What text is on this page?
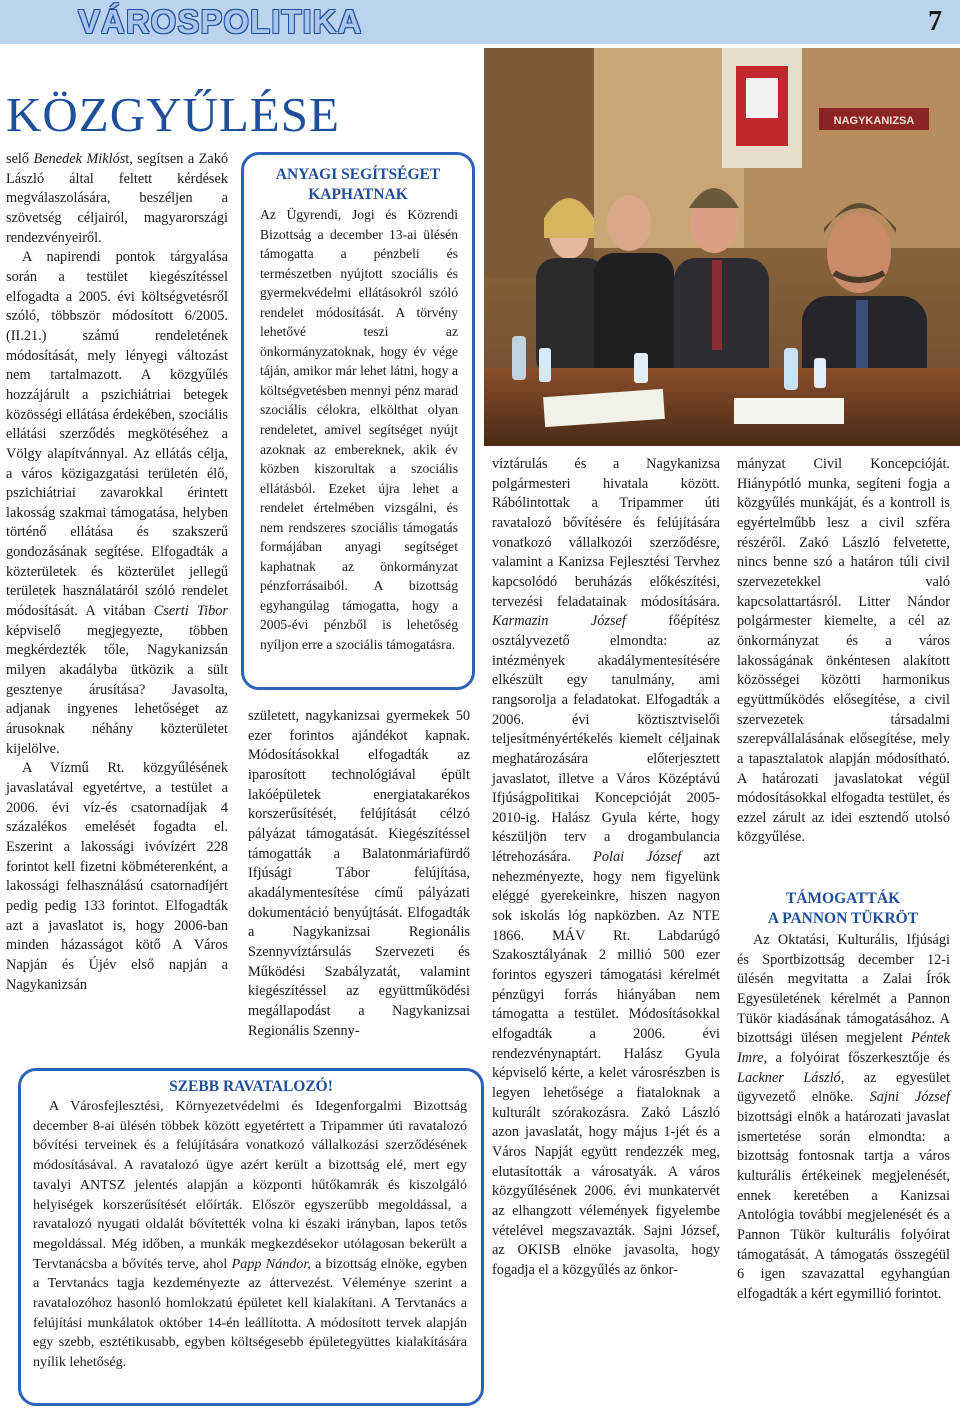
VÁROSPOLITIKA	7
KÖZGYŰLÉSE	NAGYKANIZSA

selő Benedek Miklóst, segítsen a Zakó László által feltett kérdések megválaszolására, beszéljen a szövetség céljairól, magyarországi rendezvényeiről.

A napirendi pontok tárgyalása során a testület kiegészítéssel elfogadta a 2005. évi költségvetésről szóló, többször módosított 6/2005. (II.21.) számú rendeletének módosítását, mely lényegi változást nem tartalmazott. A közgyűlés hozzájárult a pszichiátriai betegek közösségi ellátása érdekében, szociális ellátási szerződés megkötéséhez a Völgy alapítvánnyal. Az ellátás célja, a város közigazgatási területén élő, pszichiátriai zavarokkal érintett lakosság szakmai támogatása, helyben történő ellátása és szakszerű gondozásának segítése. Elfogadták a közterületek és közterület jellegű területek használatáról szóló rendelet módosítását. A vitában Cserti Tibor képviselő megjegyezte, többen megkérdezték tőle, Nagykanizsán milyen akadályba ütközik a sült gesztenye árusítása? Javasolta, adjanak ingyenes lehetőséget az árusoknak néhány közterületet kijelölve.

A Vízmű Rt. közgyűlésének javaslatával egyetértve, a testület a 2006. évi víz-és csatornadíjak 4 százalékos emelését fogadta el. Eszerint a lakossági ivóvízért 228 forintot kell fizetni köbméterenként, a lakossági felhasználású csatornadíjért pedig pedig 133 forintot. Elfogadták azt a javaslatot is, hogy 2006-ban minden házasságot kötő A Város Napján és Újév első napján a Nagykanizsán

ANYAGI SEGÍTSÉGET
KAPHATNAK
Az Ügyrendi, Jogi és Közrendi Bizottság a december 13-ai ülésén támogatta a pénzbeli és természetben nyújtott szociális és gyermekvédelmi ellátásokról szóló rendelet módosítását. A törvény lehetővé teszi az önkormányzatoknak, hogy év vége táján, amikor már lehet látni, hogy a költségvetésben mennyi pénz marad szociális célokra, elkölthat olyan rendeletet, amivel segítséget nyújt azoknak az embereknek, akik év közben kiszorultak a szociális ellátásból. Ezeket újra lehet a rendelet értelmében vizsgálni, és nem rendszeres szociális támogatás formájában anyagi segítséget kaphatnak az önkormányzat pénzforrásaiból. A bizottság egyhangúlag támogatta, hogy a 2005-évi pénzből is lehetőség nyíljon erre a szociális támogatásra.

született, nagykanizsai gyermekek 50 ezer forintos ajándékot kapnak. Módosításokkal elfogadták az iparosított technológiával épült lakóépületek energiatakarékos korszerűsítését, felújítását célzó pályázat támogatását. Kiegészítéssel támogatták a Balatonmáriafürdő Ifjúsági Tábor felújítása, akadálymentesítése című pályázati dokumentáció benyújtását. Elfogadták a Nagykanizsai Regionális Szennyvíztársulás Szervezeti és Működési Szabályzatát, valamint kiegészítéssel az együttműködési megállapodást a Nagykanizsai Regionális Szenny-

SZEBB RAVATALOZÓ!

A Városfejlesztési, Környezetvédelmi és Idegenforgalmi Bizottság december 8-ai ülésén többek között egyetértett a Tripammer úti ravatalozó bővítési terveinek és a felújítására vonatkozó vállalkozási szerződésének módosításával. A ravatalozó ügye azért került a bizottság elé, mert egy tavalyi ANTSZ jelentés alapján a központi hűtőkamrák és kiszolgáló helyiségek korszerűsítését előírták. Először egyszerűbb megoldással, a ravatalozó nyugati oldalát bővítették volna ki északi irányban, lapos tetős megoldással. Még időben, a munkák megkezdésekor utólagosan bekerült a Tervtanácsba a bővítés terve, ahol Papp Nándor, a bizottság elnöke, egyben a Tervtanács tagja kezdeményezte az áttervezést. Véleménye szerint a ravatalozóhoz hasonló homlokzatú épületet kell kialakítani. A Tervtanács a felújítási munkálatok október 14-én leállította. A módosított tervek alapján egy szebb, esztétikusabb, egyben költségesebb épületegyüttes kialakítására nyílik lehetőség.

víztárulás és a Nagykanizsa polgármesteri hivatala között. Rábólintottak a Tripammer úti ravatalozó bővítésére és felújítására vonatkozó vállalkozói szerződésre, valamint a Kanizsa Fejlesztési Tervhez kapcsolódó beruházás előkészítési, tervezési feladatainak módosítására. Karmazin József	főépítész osztályvezető elmondta: az intézmények akadálymentesítésére elkészült egy tanulmány, ami rangsorolja a feladatokat. Elfogadták a 2006. évi köztisztviselői teljesítményértékelés kiemelt céljainak meghatározására előterjesztett javaslatot, illetve a Város Középtávú Ifjúságpolitikai Koncepcióját 2005-2010-ig. Halász Gyula kérte, hogy készüljön terv a drogambulancia létrehozására. Polai József azt nehezményezte, hogy nem figyelünk eléggé gyerekeinkre, hiszen nagyon sok iskolás lóg napközben. Az NTE 1866. MÁV Rt. Labdarúgó Szakosztályának 2 millió 500 ezer forintos egyszeri támogatási kérelmét pénzügyi forrás hiányában nem támogatta a testület. Módosításokkal elfogadták a 2006. évi rendezvénynaptárt. Halász Gyula képviselő kérte, a kelet városrészben is legyen lehetősége a fiataloknak a kulturált szórakozásra. Zakó László azon javaslatát, hogy május 1-jét és a Város Napját együtt rendezzék meg, elutasították a városatyák. A város közgyűlésének 2006. évi munkatervét az elhangzott vélemények figyelembe vételével megszavazták. Sajni József, az OKISB elnöke javasolta, hogy fogadja el a közgyűlés az önkor-

mányzat Civil Koncepcióját. Hiánypótló munka, segíteni fogja a közgyűlés munkáját, és a kontroll is egyértelműbb lesz a civil szféra részéről. Zakó László felvetette, nincs benne szó a határon túli civil szervezetekkel való kapcsolattartásról. Litter Nándor polgármester kiemelte, a cél az önkormányzat és a város lakosságának önkéntesen alakított közösségei közötti harmonikus együttműködés elősegítése, a civil szervezetek társadalmi szerepvállalásának elősegítése, mely a tapasztalatok alapján módosítható. A határozati javaslatokat végül módosításokkal elfogadta testület, és ezzel zárult az idei esztendő utolsó közgyűlése.

TÁMOGATTÁK
A PANNON TÜKRÖT

Az Oktatási, Kulturális, Ifjúsági és Sportbizottság december 12-i ülésén megvitatta a Zalai Írók Egyesületének kérelmét a Pannon Tükör kiadásának támogatásához. A bizottsági ülésen megjelent Péntek Imre, a folyóirat főszerkesztője és Lackner László, az egyesület ügyvezető elnöke. Sajni József bizottsági elnök a határozati javaslat ismertetése során elmondta: a bizottság fontosnak tartja a város kulturális értékeinek megjelenését, ennek keretében a Kanizsai Antológia további megjelenését és a Pannon Tükör kulturális folyóirat támogatását. A támogatás összegéül 6 igen szavazattal egyhangúan elfogadták a kért egymillió forintot.
